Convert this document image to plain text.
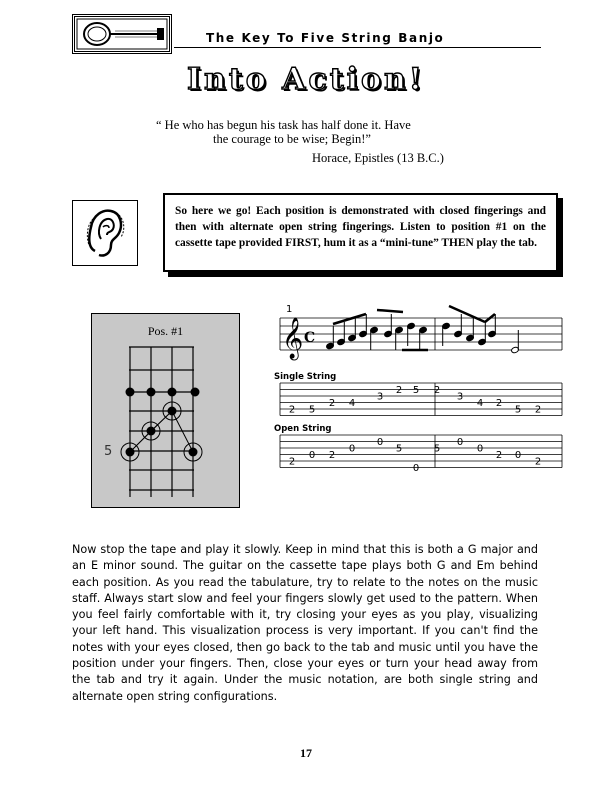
The Key To Five String Banjo
Into Action!
“ He who has begun his task has half done it. Have
the courage to be wise; Begin!”
Horace, Epistles (13 B.C.)

So here we go! Each position is demonstrated with closed fingerings and then with alternate open string fingerings. Listen to position #1 on the cassette tape provided FIRST, hum it as a “mini-tune” THEN play the tab.

Pos. #1
5
1
𝄞 C
Single String
Open String
2 5
2 4
3
2 5 2
3
4 2
5 2
2
0 2
0
0
5
0
5
0
0
2 0
2

Now stop the tape and play it slowly. Keep in mind that this is both a G major and an E minor sound. The guitar on the cassette tape plays both G and Em behind each position. As you read the tabulature, try to relate to the notes on the music staff. Always start slow and feel your fingers slowly get used to the pattern. When you feel fairly comfortable with it, try closing your eyes as you play, visualizing your left hand. This visualization process is very important. If you can't find the notes with your eyes closed, then go back to the tab and music until you have the position under your fingers. Then, close your eyes or turn your head away from the tab and try it again. Under the music notation, are both single string and alternate open string configurations.

17
